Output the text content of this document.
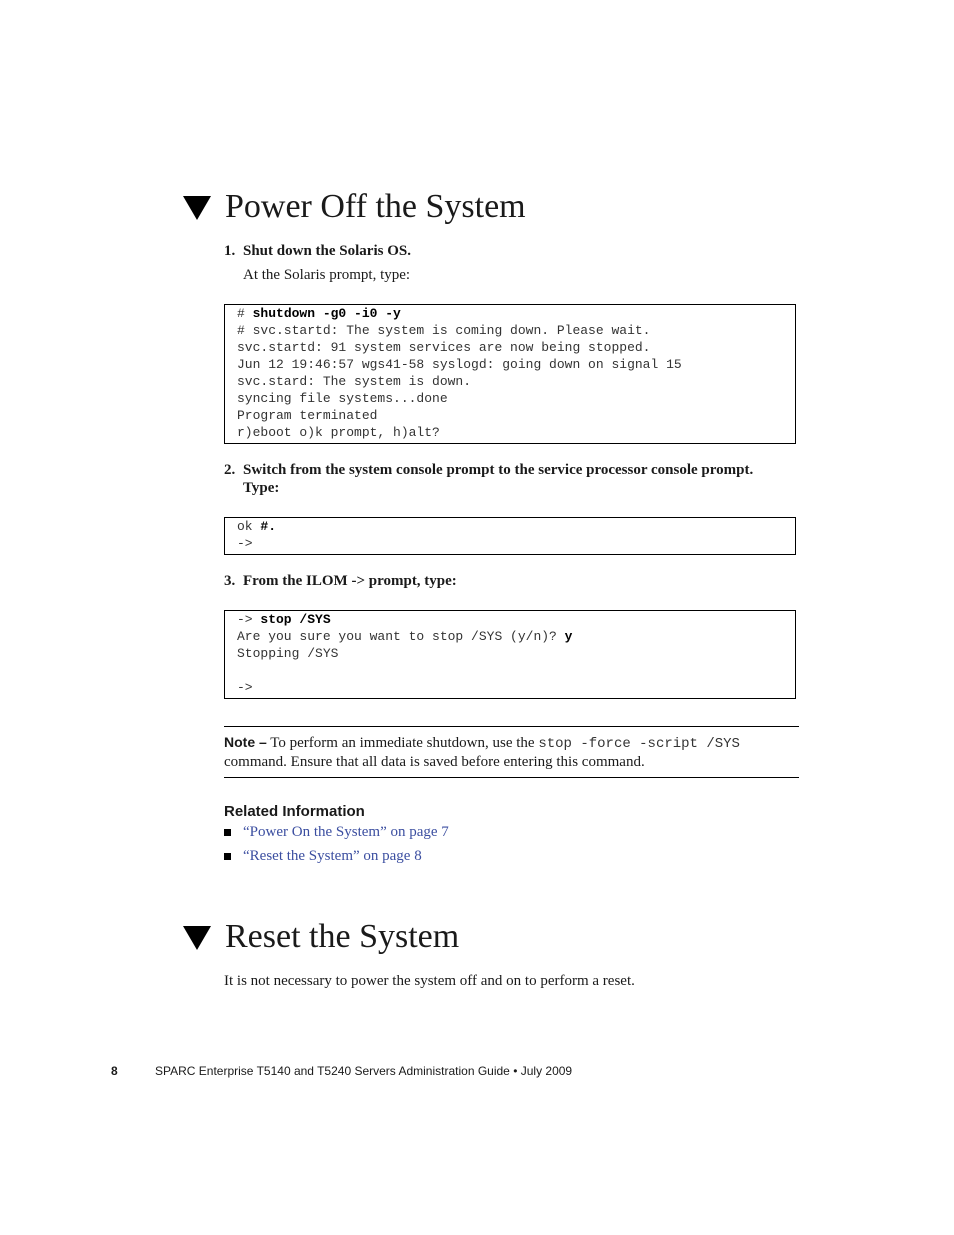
Power Off the System
1. Shut down the Solaris OS.
At the Solaris prompt, type:
# shutdown -g0 -i0 -y
# svc.startd: The system is coming down. Please wait.
svc.startd: 91 system services are now being stopped.
Jun 12 19:46:57 wgs41-58 syslogd: going down on signal 15
svc.stard: The system is down.
syncing file systems...done
Program terminated
r)eboot o)k prompt, h)alt?
2. Switch from the system console prompt to the service processor console prompt.
Type:
ok #.
->
3. From the ILOM -> prompt, type:
-> stop /SYS
Are you sure you want to stop /SYS (y/n)? y
Stopping /SYS
->
Note – To perform an immediate shutdown, use the stop -force -script /SYS
command. Ensure that all data is saved before entering this command.
Related Information
“Power On the System” on page 7
“Reset the System” on page 8
Reset the System
It is not necessary to power the system off and on to perform a reset.
8	SPARC Enterprise T5140 and T5240 Servers Administration Guide • July 2009
